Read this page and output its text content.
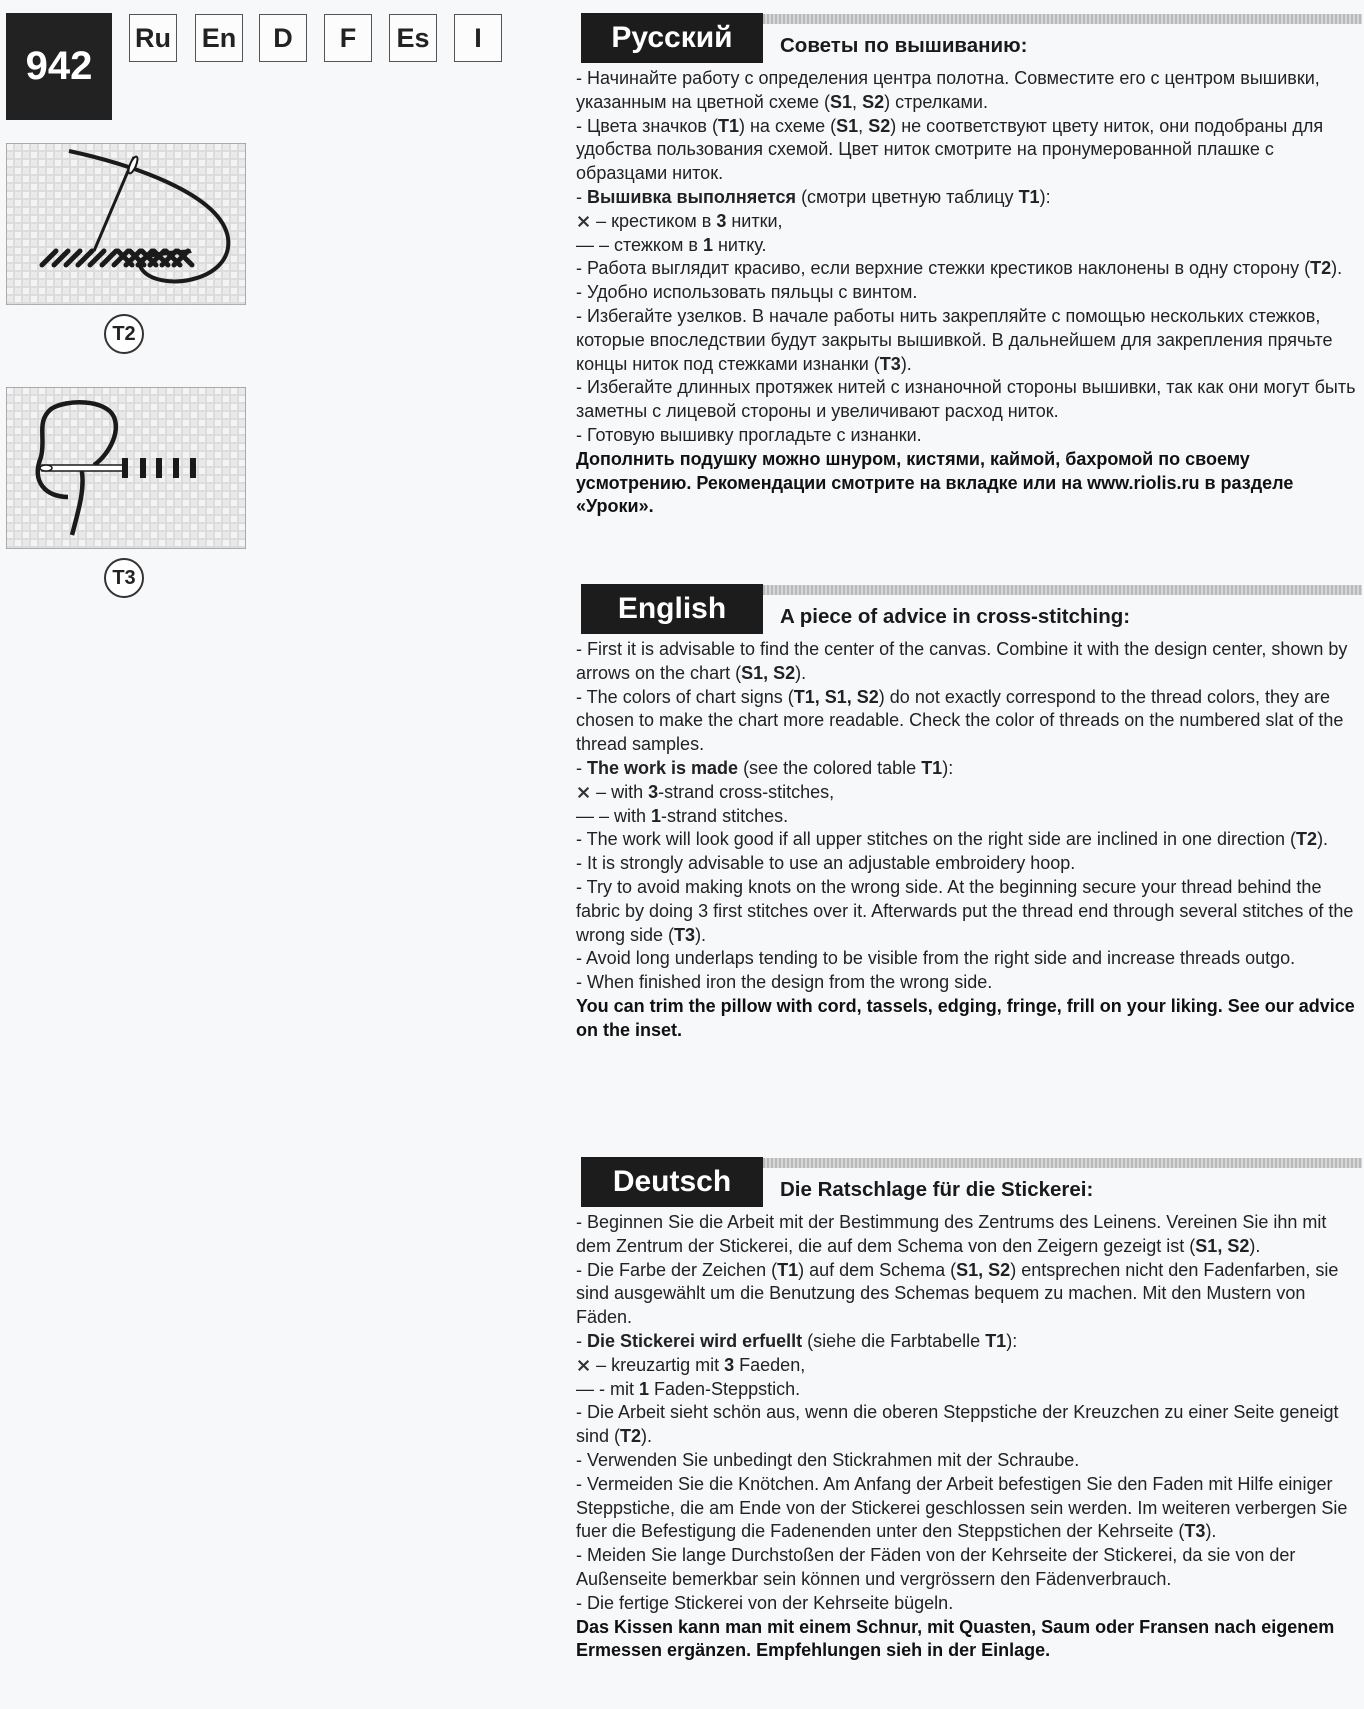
942
Ru En	D	F	Es	I
T2
T3
Русский	Советы по вышиванию:

- Начинайте работу с определения центра полотна. Совместите его с центром вышивки, указанным на цветной схеме (S1, S2) стрелками.

- Цвета значков (T1) на схеме (S1, S2) не соответствуют цвету ниток, они подобраны для удобства пользования схемой. Цвет ниток смотрите на пронумерованной плашке с образцами ниток.

- Вышивка выполняется (смотри цветную таблицу T1):

⨯ – крестиком в 3 нитки,

— – стежком в 1 нитку.

- Работа выглядит красиво, если верхние стежки крестиков наклонены в одну сторону (T2).

- Удобно использовать пяльцы с винтом.

- Избегайте узелков. В начале работы нить закрепляйте с помощью нескольких стежков, которые впоследствии будут закрыты вышивкой. В дальнейшем для закрепления прячьте концы ниток под стежками изнанки (T3).

- Избегайте длинных протяжек нитей с изнаночной стороны вышивки, так как они могут быть заметны с лицевой стороны и увеличивают расход ниток.

- Готовую вышивку прогладьте с изнанки.

Дополнить подушку можно шнуром, кистями, каймой, бахромой по своему усмотрению. Рекомендации смотрите на вкладке или на www.riolis.ru в разделе «Уроки».

English	A piece of advice in cross-stitching:

- First it is advisable to find the center of the canvas. Combine it with the design center, shown by arrows on the chart (S1, S2).

- The colors of chart signs (T1, S1, S2) do not exactly correspond to the thread colors, they are chosen to make the chart more readable. Check the color of threads on the numbered slat of the thread samples.

- The work is made (see the colored table T1):

⨯ – with 3-strand cross-stitches,

— – with 1-strand stitches.

- The work will look good if all upper stitches on the right side are inclined in one direction (T2).

- It is strongly advisable to use an adjustable embroidery hoop.

- Try to avoid making knots on the wrong side. At the beginning secure your thread behind the fabric by doing 3 first stitches over it. Afterwards put the thread end through several stitches of the wrong side (T3).

- Avoid long underlaps tending to be visible from the right side and increase threads outgo.

- When finished iron the design from the wrong side.

You can trim the pillow with cord, tassels, edging, fringe, frill on your liking. See our advice on the inset.

Deutsch	Die Ratschlage für die Stickerei:

- Beginnen Sie die Arbeit mit der Bestimmung des Zentrums des Leinens. Vereinen Sie ihn mit dem Zentrum der Stickerei, die auf dem Schema von den Zeigern gezeigt ist (S1, S2).

- Die Farbe der Zeichen (T1) auf dem Schema (S1, S2) entsprechen nicht den Fadenfarben, sie sind ausgewählt um die Benutzung des Schemas bequem zu machen. Mit den Mustern von Fäden.

- Die Stickerei wird erfuellt (siehe die Farbtabelle T1):

⨯ – kreuzartig mit 3 Faeden,

— - mit 1 Faden-Steppstich.

- Die Arbeit sieht schön aus, wenn die oberen Steppstiche der Kreuzchen zu einer Seite geneigt sind (T2).

- Verwenden Sie unbedingt den Stickrahmen mit der Schraube.

- Vermeiden Sie die Knötchen. Am Anfang der Arbeit befestigen Sie den Faden mit Hilfe einiger Steppstiche, die am Ende von der Stickerei geschlossen sein werden. Im weiteren verbergen Sie fuer die Befestigung die Fadenenden unter den Steppstichen der Kehrseite (T3).

- Meiden Sie lange Durchstoßen der Fäden von der Kehrseite der Stickerei, da sie von der Außenseite bemerkbar sein können und vergrössern den Fädenverbrauch.

- Die fertige Stickerei von der Kehrseite bügeln.

Das Kissen kann man mit einem Schnur, mit Quasten, Saum oder Fransen nach eigenem Ermessen ergänzen. Empfehlungen sieh in der Einlage.
